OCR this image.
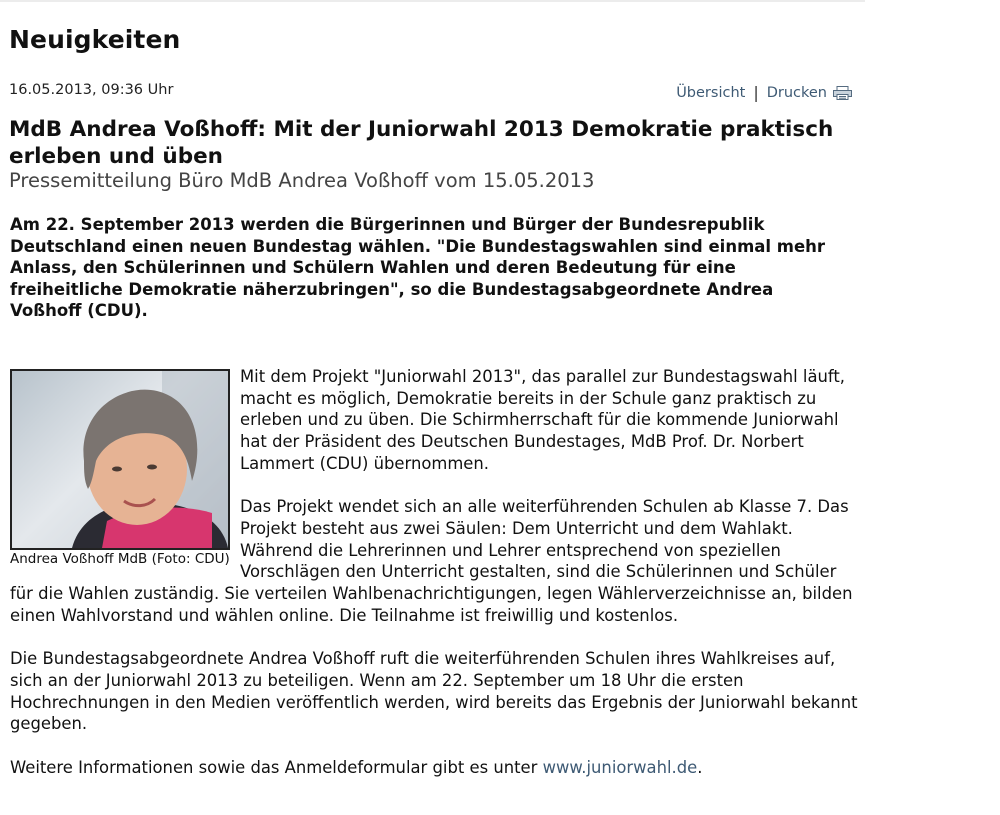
Neuigkeiten
16.05.2013, 09:36 Uhr	Übersicht | Drucken
MdB Andrea Voßhoff: Mit der Juniorwahl 2013 Demokratie praktisch erleben und üben
Pressemitteilung Büro MdB Andrea Voßhoff vom 15.05.2013

Am 22. September 2013 werden die Bürgerinnen und Bürger der Bundesrepublik Deutschland einen neuen Bundestag wählen. "Die Bundestagswahlen sind einmal mehr Anlass, den Schülerinnen und Schülern Wahlen und deren Bedeutung für eine freiheitliche Demokratie näherzubringen", so die Bundestagsabgeordnete Andrea Voßhoff (CDU).

Andrea Voßhoff MdB (Foto: CDU)

Mit dem Projekt "Juniorwahl 2013", das parallel zur Bundestagswahl läuft, macht es möglich, Demokratie bereits in der Schule ganz praktisch zu erleben und zu üben. Die Schirmherrschaft für die kommende Juniorwahl hat der Präsident des Deutschen Bundestages, MdB Prof. Dr. Norbert Lammert (CDU) übernommen.

Das Projekt wendet sich an alle weiterführenden Schulen ab Klasse 7. Das Projekt besteht aus zwei Säulen: Dem Unterricht und dem Wahlakt. Während die Lehrerinnen und Lehrer entsprechend von speziellen Vorschlägen den Unterricht gestalten, sind die Schülerinnen und Schüler für die Wahlen zuständig. Sie verteilen Wahlbenachrichtigungen, legen Wählerverzeichnisse an, bilden einen Wahlvorstand und wählen online. Die Teilnahme ist freiwillig und kostenlos.

Die Bundestagsabgeordnete Andrea Voßhoff ruft die weiterführenden Schulen ihres Wahlkreises auf, sich an der Juniorwahl 2013 zu beteiligen. Wenn am 22. September um 18 Uhr die ersten Hochrechnungen in den Medien veröffentlich werden, wird bereits das Ergebnis der Juniorwahl bekannt gegeben.

Weitere Informationen sowie das Anmeldeformular gibt es unter www.juniorwahl.de.
